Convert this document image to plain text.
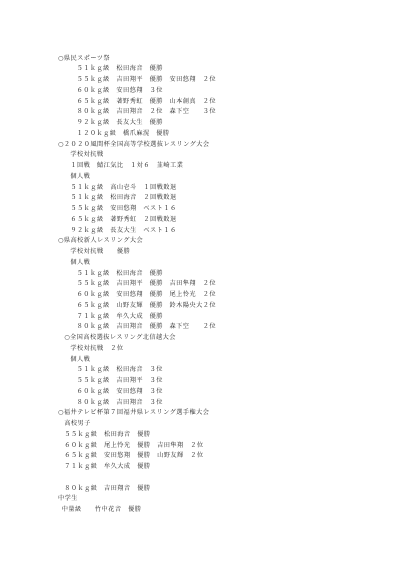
○県民スポーツ祭
５１ｋｇ級　松田海音　優勝
５５ｋｇ級　吉田翔平　優勝　安田悠翔　２位
６０ｋｇ級　安田悠翔　３位
６５ｋｇ級　著野秀虹　優勝　山本創真　２位
８０ｋｇ級　吉田翔音　２位　森下空　　３位
９２ｋｇ級　長友大生　優勝
１２０ｋｇ級　橋爪麻滉　優勝
○２０２０風間杯全国高等学校選抜レスリング大会
学校対抗戦
１回戦　鯖江気比　１対６　韮崎工業
個人戦
５１ｋｇ級　高山壱斗　１回戦敗退
５１ｋｇ級　松田海音　２回戦敗退
５５ｋｇ級　安田悠翔　ベスト１６
６５ｋｇ級　著野秀虹　２回戦敗退
９２ｋｇ級　長友大生　ベスト１６
○県高校新人レスリング大会
学校対抗戦　　優勝
個人戦
５１ｋｇ級　松田海音　優勝
５５ｋｇ級　吉田翔平　優勝　吉田隼翔　２位
６０ｋｇ級　安田悠翔　優勝　尾上怜光　２位
６５ｋｇ級　山野友輝　優勝　鈴木陽央大２位
７１ｋｇ級　牟久大成　優勝
８０ｋｇ級　吉田翔音　優勝　森下空　　２位
○全国高校選抜レスリング北信越大会
学校対抗戦　２位
個人戦
５１ｋｇ級　松田海音　３位
５５ｋｇ級　吉田翔平　３位
６０ｋｇ級　安田悠翔　３位
８０ｋｇ級　吉田翔音　３位
○福井テレビ杯第７回福井県レスリング選手権大会
高校男子
５５ｋｇ級　松田海音　優勝
６０ｋｇ級　尾上怜光　優勝　吉田隼翔　２位
６５ｋｇ級　安田悠翔　優勝　山野友輝　２位
７１ｋｇ級　牟久大成　優勝
８０ｋｇ級　吉田翔音　優勝
中学生
中量級　　竹中花音　優勝
